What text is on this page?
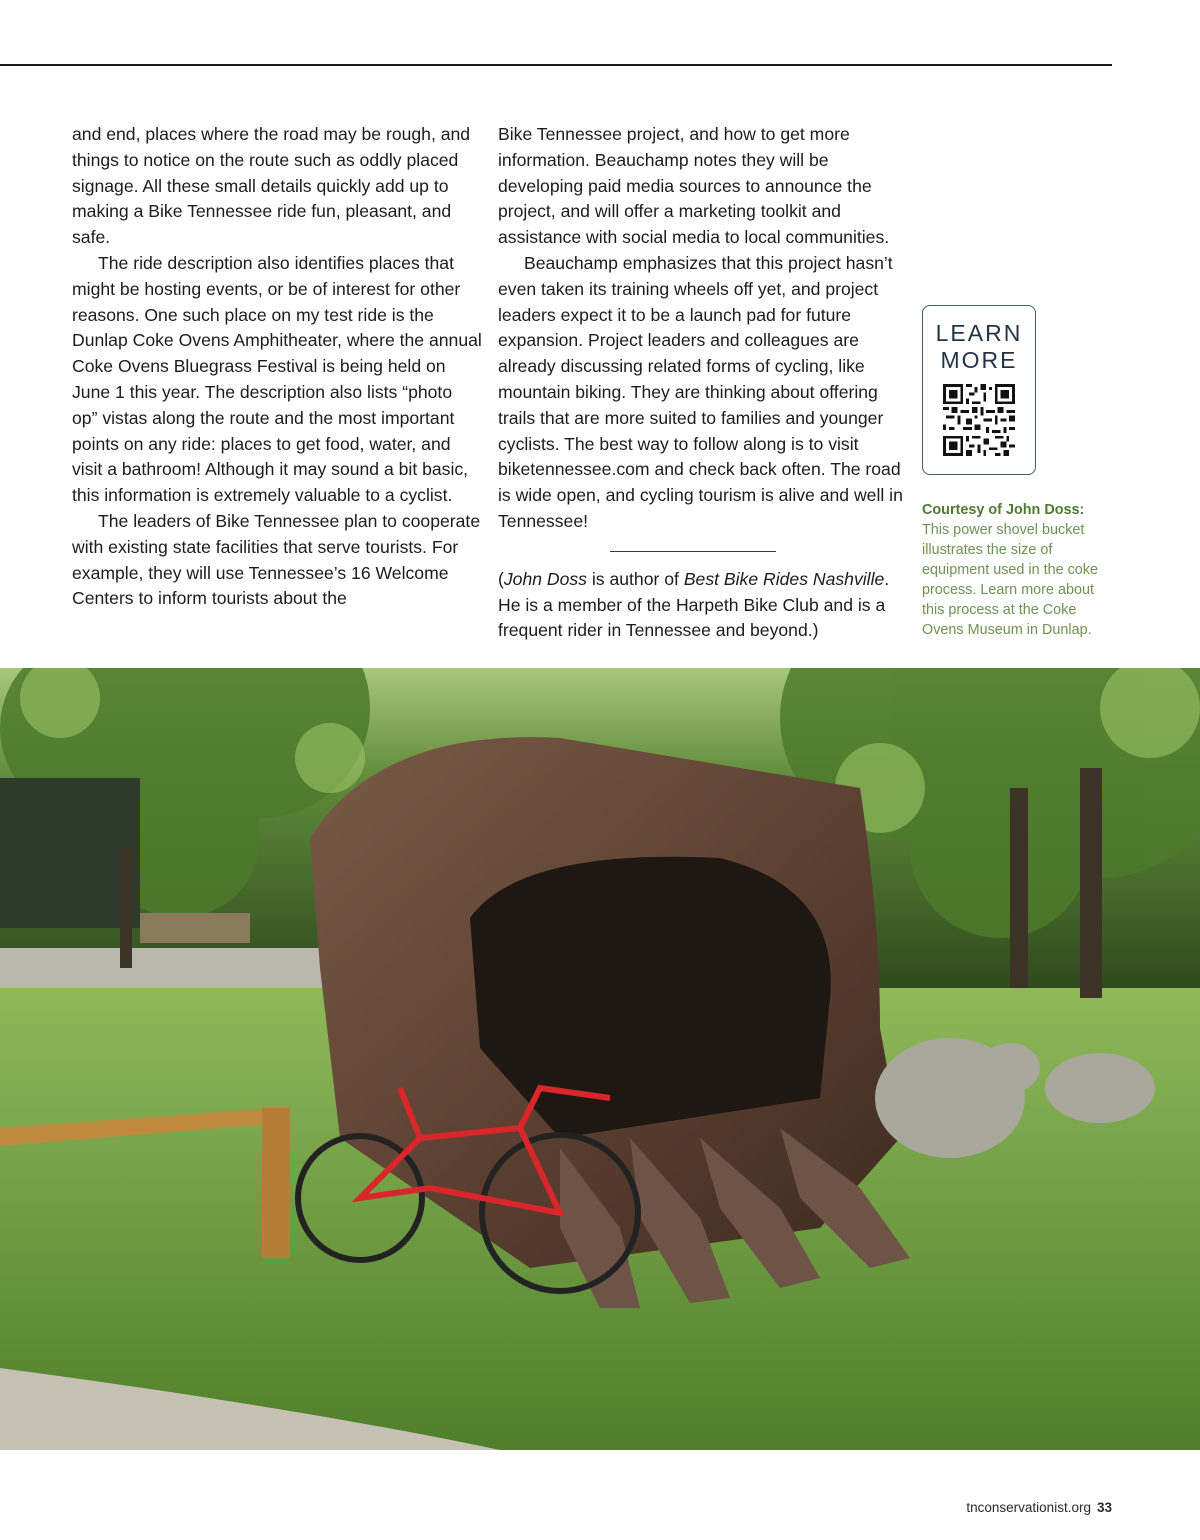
and end, places where the road may be rough, and things to notice on the route such as oddly placed signage. All these small details quickly add up to making a Bike Tennessee ride fun, pleasant, and safe.

The ride description also identifies places that might be hosting events, or be of interest for other reasons. One such place on my test ride is the Dunlap Coke Ovens Amphitheater, where the annual Coke Ovens Bluegrass Festival is being held on June 1 this year. The description also lists “photo op” vistas along the route and the most important points on any ride: places to get food, water, and visit a bathroom! Although it may sound a bit basic, this information is extremely valuable to a cyclist.

The leaders of Bike Tennessee plan to cooperate with existing state facilities that serve tourists. For example, they will use Tennessee’s 16 Welcome Centers to inform tourists about the

Bike Tennessee project, and how to get more information. Beauchamp notes they will be developing paid media sources to announce the project, and will offer a marketing toolkit and assistance with social media to local communities.

Beauchamp emphasizes that this project hasn’t even taken its training wheels off yet, and project leaders expect it to be a launch pad for future expansion. Project leaders and colleagues are already discussing related forms of cycling, like mountain biking. They are thinking about offering trails that are more suited to families and younger cyclists. The best way to follow along is to visit biketennessee.com and check back often. The road is wide open, and cycling tourism is alive and well in Tennessee!

(John Doss is author of Best Bike Rides Nashville. He is a member of the Harpeth Bike Club and is a frequent rider in Tennessee and beyond.)

LEARN
MORE
Courtesy of John Doss: This power shovel bucket illustrates the size of equipment used in the coke process. Learn more about this process at the Coke Ovens Museum in Dunlap.
tnconservationist.org 33
